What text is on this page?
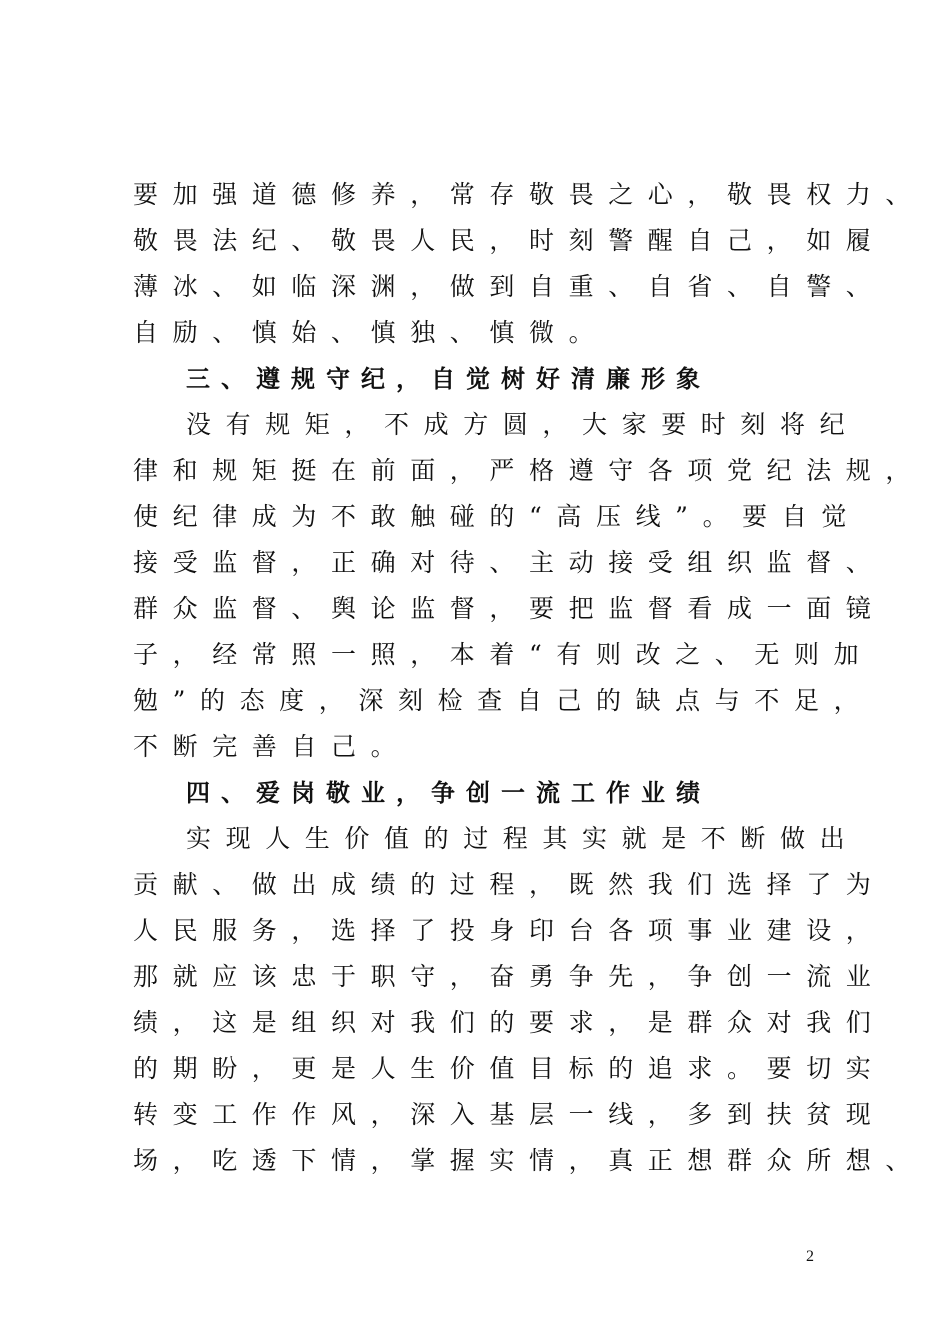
要加强道德修养，常存敬畏之心，敬畏权力、
敬畏法纪、敬畏人民，时刻警醒自己，如履
薄冰、如临深渊，做到自重、自省、自警、
自励、慎始、慎独、慎微。
三、遵规守纪，自觉树好清廉形象
没有规矩，不成方圆，大家要时刻将纪
律和规矩挺在前面，严格遵守各项党纪法规，
使纪律成为不敢触碰的“高压线”。要自觉
接受监督，正确对待、主动接受组织监督、
群众监督、舆论监督，要把监督看成一面镜
子，经常照一照，本着“有则改之、无则加
勉”的态度，深刻检查自己的缺点与不足，
不断完善自己。
四、爱岗敬业，争创一流工作业绩
实现人生价值的过程其实就是不断做出
贡献、做出成绩的过程，既然我们选择了为
人民服务，选择了投身印台各项事业建设，
那就应该忠于职守，奋勇争先，争创一流业
绩，这是组织对我们的要求，是群众对我们
的期盼，更是人生价值目标的追求。要切实
转变工作作风，深入基层一线，多到扶贫现
场，吃透下情，掌握实情，真正想群众所想、
2
